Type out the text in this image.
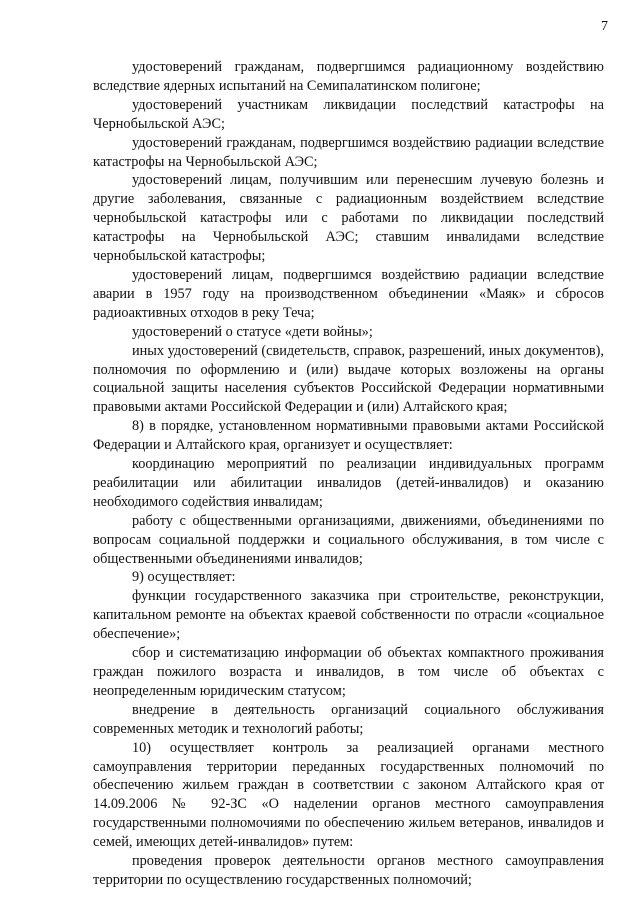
7

удостоверений гражданам, подвергшимся радиационному воздействию вследствие ядерных испытаний на Семипалатинском полигоне;

удостоверений участникам ликвидации последствий катастрофы на Чернобыльской АЭС;

удостоверений гражданам, подвергшимся воздействию радиации вследствие катастрофы на Чернобыльской АЭС;

удостоверений лицам, получившим или перенесшим лучевую болезнь и другие заболевания, связанные с радиационным воздействием вследствие чернобыльской катастрофы или с работами по ликвидации последствий катастрофы на Чернобыльской АЭС; ставшим инвалидами вследствие чернобыльской катастрофы;

удостоверений лицам, подвергшимся воздействию радиации вследствие аварии в 1957 году на производственном объединении «Маяк» и сбросов радиоактивных отходов в реку Теча;

удостоверений о статусе «дети войны»;

иных удостоверений (свидетельств, справок, разрешений, иных документов), полномочия по оформлению и (или) выдаче которых возложены на органы социальной защиты населения субъектов Российской Федерации нормативными правовыми актами Российской Федерации и (или) Алтайского края;

8) в порядке, установленном нормативными правовыми актами Российской Федерации и Алтайского края, организует и осуществляет:

координацию мероприятий по реализации индивидуальных программ реабилитации или абилитации инвалидов (детей-инвалидов) и оказанию необходимого содействия инвалидам;

работу с общественными организациями, движениями, объединениями по вопросам социальной поддержки и социального обслуживания, в том числе с общественными объединениями инвалидов;

9) осуществляет:

функции государственного заказчика при строительстве, реконструкции, капитальном ремонте на объектах краевой собственности по отрасли «социальное обеспечение»;

сбор и систематизацию информации об объектах компактного проживания граждан пожилого возраста и инвалидов, в том числе об объектах с неопределенным юридическим статусом;

внедрение в деятельность организаций социального обслуживания современных методик и технологий работы;

10) осуществляет контроль за реализацией органами местного самоуправления территории переданных государственных полномочий по обеспечению жильем граждан в соответствии с законом Алтайского края от 14.09.2006 № 92-ЗС «О наделении органов местного самоуправления государственными полномочиями по обеспечению жильем ветеранов, инвалидов и семей, имеющих детей-инвалидов» путем:

проведения проверок деятельности органов местного самоуправления территории по осуществлению государственных полномочий;
